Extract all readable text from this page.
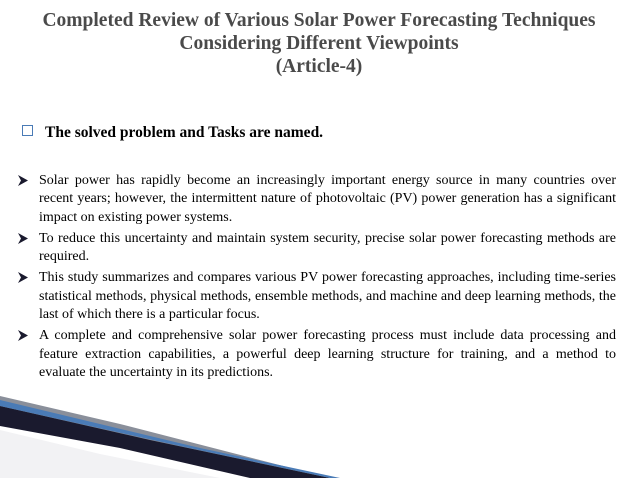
Completed Review of Various Solar Power Forecasting Techniques
Considering Different Viewpoints
(Article-4)
The solved problem and Tasks are named.
Solar power has rapidly become an increasingly important energy source in many countries over recent years; however, the intermittent nature of photovoltaic (PV) power generation has a significant impact on existing power systems.
To reduce this uncertainty and maintain system security, precise solar power forecasting methods are required.
This study summarizes and compares various PV power forecasting approaches, including time-series statistical methods, physical methods, ensemble methods, and machine and deep learning methods, the last of which there is a particular focus.
A complete and comprehensive solar power forecasting process must include data processing and feature extraction capabilities, a powerful deep learning structure for training, and a method to evaluate the uncertainty in its predictions.
